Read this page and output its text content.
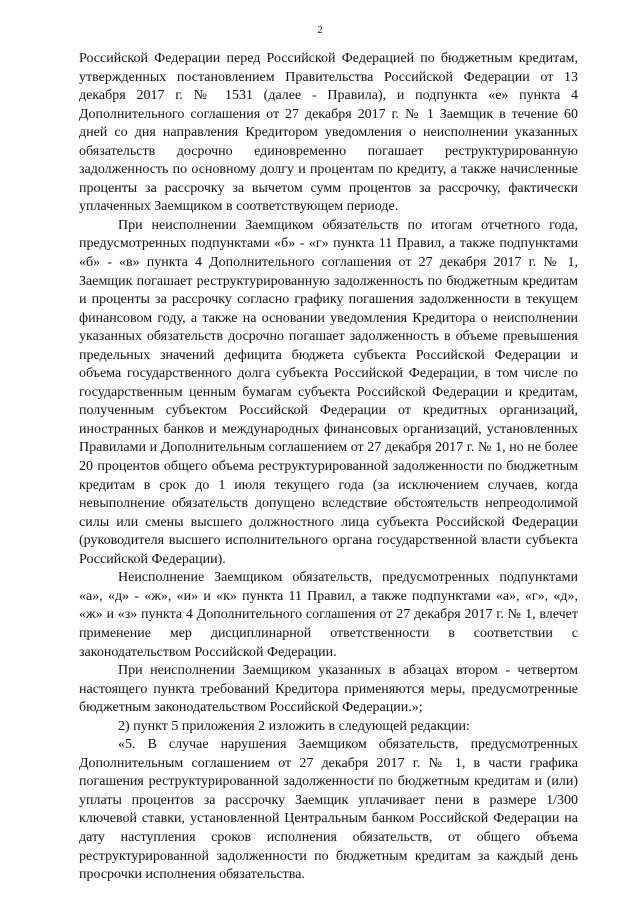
2

Российской Федерации перед Российской Федерацией по бюджетным кредитам, утвержденных постановлением Правительства Российской Федерации от 13 декабря 2017 г. № 1531 (далее - Правила), и подпункта «е» пункта 4 Дополнительного соглашения от 27 декабря 2017 г. № 1 Заемщик в течение 60 дней со дня направления Кредитором уведомления о неисполнении указанных обязательств досрочно единовременно погашает реструктурированную задолженность по основному долгу и процентам по кредиту, а также начисленные проценты за рассрочку за вычетом сумм процентов за рассрочку, фактически уплаченных Заемщиком в соответствующем периоде.

При неисполнении Заемщиком обязательств по итогам отчетного года, предусмотренных подпунктами «б» - «г» пункта 11 Правил, а также подпунктами «б» - «в» пункта 4 Дополнительного соглашения от 27 декабря 2017 г. № 1, Заемщик погашает реструктурированную задолженность по бюджетным кредитам и проценты за рассрочку согласно графику погашения задолженности в текущем финансовом году, а также на основании уведомления Кредитора о неисполнении указанных обязательств досрочно погашает задолженность в объеме превышения предельных значений дефицита бюджета субъекта Российской Федерации и объема государственного долга субъекта Российской Федерации, в том числе по государственным ценным бумагам субъекта Российской Федерации и кредитам, полученным субъектом Российской Федерации от кредитных организаций, иностранных банков и международных финансовых организаций, установленных Правилами и Дополнительным соглашением от 27 декабря 2017 г. № 1, но не более 20 процентов общего объема реструктурированной задолженности по бюджетным кредитам в срок до 1 июля текущего года (за исключением случаев, когда невыполнение обязательств допущено вследствие обстоятельств непреодолимой силы или смены высшего должностного лица субъекта Российской Федерации (руководителя высшего исполнительного органа государственной власти субъекта Российской Федерации).

Неисполнение Заемщиком обязательств, предусмотренных подпунктами «а», «д» - «ж», «и» и «к» пункта 11 Правил, а также подпунктами «а», «г», «д», «ж» и «з» пункта 4 Дополнительного соглашения от 27 декабря 2017 г. № 1, влечет применение мер дисциплинарной ответственности в соответствии с законодательством Российской Федерации.

При неисполнении Заемщиком указанных в абзацах втором - четвертом настоящего пункта требований Кредитора применяются меры, предусмотренные бюджетным законодательством Российской Федерации.»;

2) пункт 5 приложения 2 изложить в следующей редакции:

«5. В случае нарушения Заемщиком обязательств, предусмотренных Дополнительным соглашением от 27 декабря 2017 г. № 1, в части графика погашения реструктурированной задолженности по бюджетным кредитам и (или) уплаты процентов за рассрочку Заемщик уплачивает пени в размере 1/300 ключевой ставки, установленной Центральным банком Российской Федерации на дату наступления сроков исполнения обязательств, от общего объема реструктурированной задолженности по бюджетным кредитам за каждый день просрочки исполнения обязательства.
